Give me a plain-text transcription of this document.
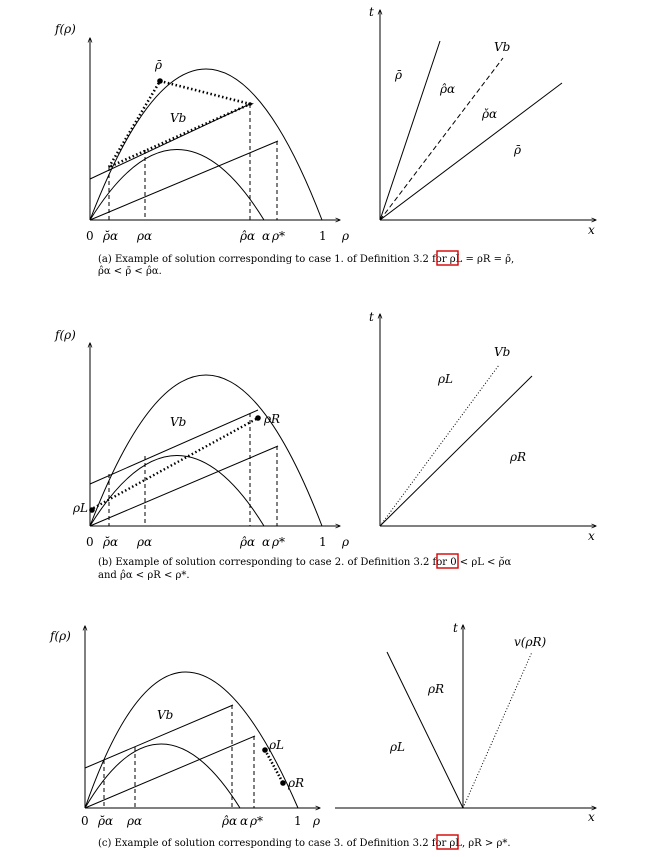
f(ρ)
ρ̄
Vb
0 ρ̆α ρα	ρ̂α α ρ*	1 ρ
t
x
ρ̄
ρ̂α
Vb
ρ̌α
ρ̄
(a) Example of solution corresponding to case 1. of Definition 3.2 for ρL = ρR = ρ̄,
ρ̂α < ρ̄ < ρ̂α.
f(ρ)
Vb	ρR
ρL
0 ρ̆α ρα	ρ̂α α ρ*	1 ρ
t
x
Vb
ρL
ρR
(b) Example of solution corresponding to case 2. of Definition 3.2 for 0 < ρL < ρ̆α
and ρ̂α < ρR < ρ*.
f(ρ)
Vb
ρL
ρR
0 ρ̆α ρα	ρ̂α α ρ*	1 ρ
t
x
v(ρR)
ρR
ρL
(c) Example of solution corresponding to case 3. of Definition 3.2 for ρL, ρR > ρ*.
